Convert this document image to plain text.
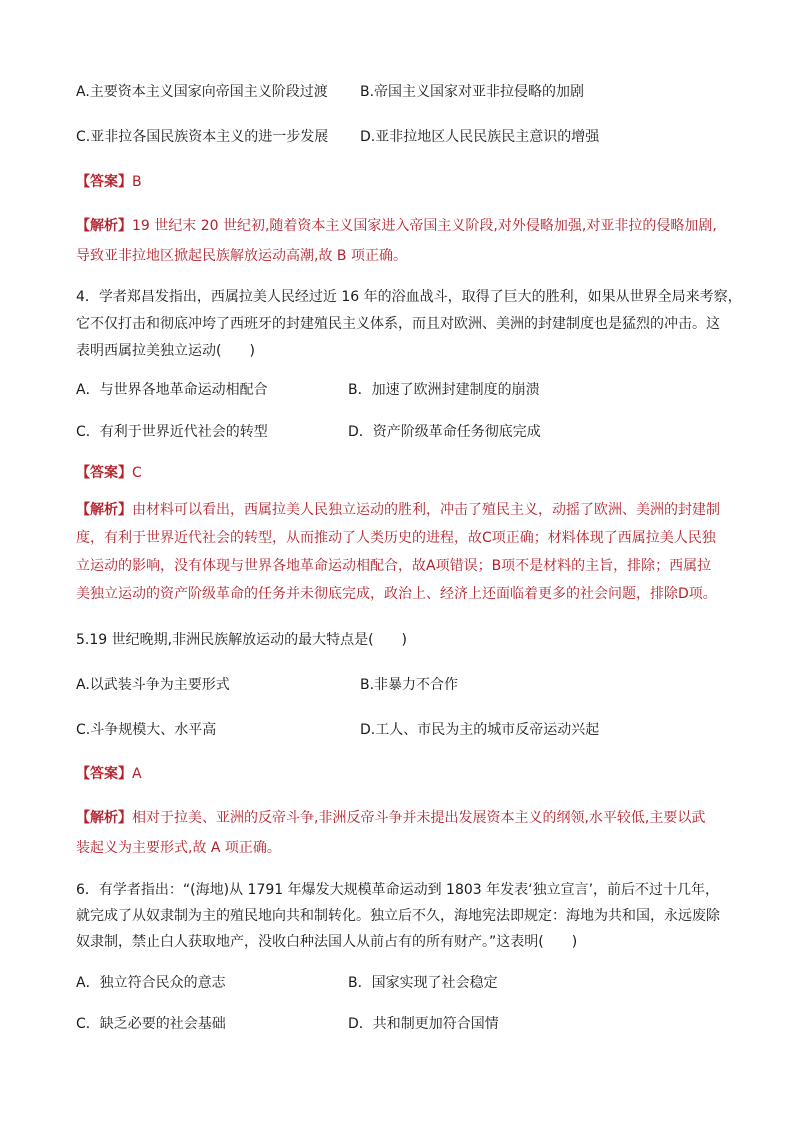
A.主要资本主义国家向帝国主义阶段过渡 B.帝国主义国家对亚非拉侵略的加剧
C.亚非拉各国民族资本主义的进一步发展 D.亚非拉地区人民民族民主意识的增强
【答案】B
【解析】19 世纪末 20 世纪初,随着资本主义国家进入帝国主义阶段,对外侵略加强,对亚非拉的侵略加剧,
导致亚非拉地区掀起民族解放运动高潮,故 B 项正确。
4．学者郑昌发指出，西属拉美人民经过近 16 年的浴血战斗，取得了巨大的胜利，如果从世界全局来考察，
它不仅打击和彻底冲垮了西班牙的封建殖民主义体系，而且对欧洲、美洲的封建制度也是猛烈的冲击。这
表明西属拉美独立运动(　　)
A．与世界各地革命运动相配合	B．加速了欧洲封建制度的崩溃
C．有利于世界近代社会的转型	D．资产阶级革命任务彻底完成
【答案】C
【解析】由材料可以看出，西属拉美人民独立运动的胜利，冲击了殖民主义，动摇了欧洲、美洲的封建制
度，有利于世界近代社会的转型，从而推动了人类历史的进程，故C项正确；材料体现了西属拉美人民独
立运动的影响，没有体现与世界各地革命运动相配合，故A项错误；B项不是材料的主旨，排除；西属拉
美独立运动的资产阶级革命的任务并未彻底完成，政治上、经济上还面临着更多的社会问题，排除D项。
5.19 世纪晚期,非洲民族解放运动的最大特点是(　　)
A.以武装斗争为主要形式	B.非暴力不合作
C.斗争规模大、水平高	D.工人、市民为主的城市反帝运动兴起
【答案】A
【解析】相对于拉美、亚洲的反帝斗争,非洲反帝斗争并未提出发展资本主义的纲领,水平较低,主要以武
装起义为主要形式,故 A 项正确。
6．有学者指出：“(海地)从 1791 年爆发大规模革命运动到 1803 年发表‘独立宣言’，前后不过十几年，
就完成了从奴隶制为主的殖民地向共和制转化。独立后不久，海地宪法即规定：海地为共和国，永远废除
奴隶制，禁止白人获取地产，没收白种法国人从前占有的所有财产。”这表明(　　)
A．独立符合民众的意志	B．国家实现了社会稳定
C．缺乏必要的社会基础	D．共和制更加符合国情
